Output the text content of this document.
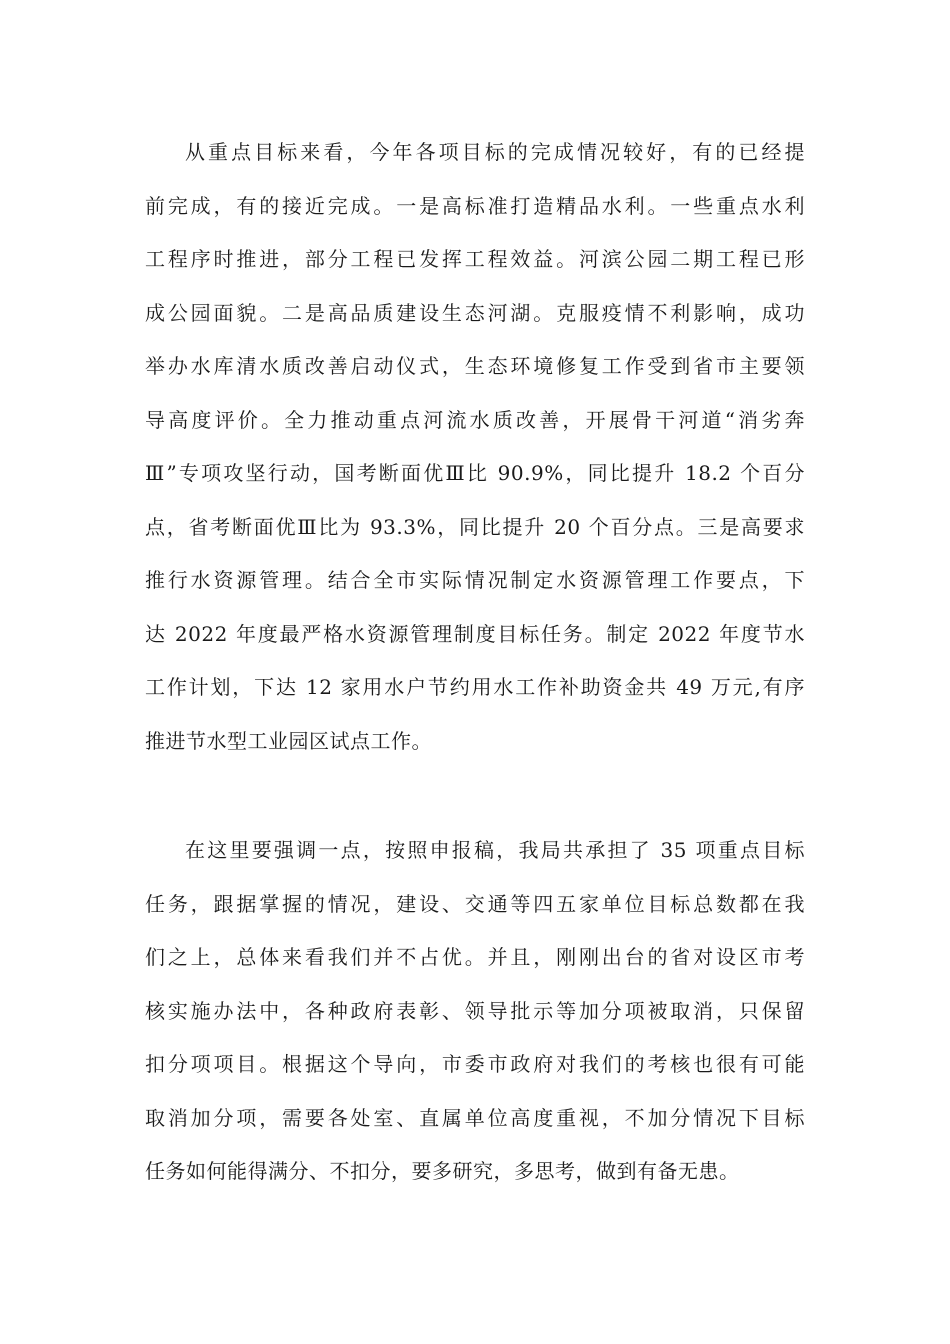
从重点目标来看，今年各项目标的完成情况较好，有的已经提
前完成，有的接近完成。一是高标准打造精品水利。一些重点水利
工程序时推进，部分工程已发挥工程效益。河滨公园二期工程已形
成公园面貌。二是高品质建设生态河湖。克服疫情不利影响，成功
举办水库清水质改善启动仪式，生态环境修复工作受到省市主要领
导高度评价。全力推动重点河流水质改善，开展骨干河道“消劣奔
Ⅲ”专项攻坚行动，国考断面优Ⅲ比 90.9%，同比提升 18.2 个百分
点，省考断面优Ⅲ比为 93.3%，同比提升 20 个百分点。三是高要求
推行水资源管理。结合全市实际情况制定水资源管理工作要点，下
达 2022 年度最严格水资源管理制度目标任务。制定 2022 年度节水
工作计划，下达 12 家用水户节约用水工作补助资金共 49 万元,有序
推进节水型工业园区试点工作。
在这里要强调一点，按照申报稿，我局共承担了 35 项重点目标
任务，跟据掌握的情况，建设、交通等四五家单位目标总数都在我
们之上，总体来看我们并不占优。并且，刚刚出台的省对设区市考
核实施办法中，各种政府表彰、领导批示等加分项被取消，只保留
扣分项项目。根据这个导向，市委市政府对我们的考核也很有可能
取消加分项，需要各处室、直属单位高度重视，不加分情况下目标
任务如何能得满分、不扣分，要多研究，多思考，做到有备无患。
